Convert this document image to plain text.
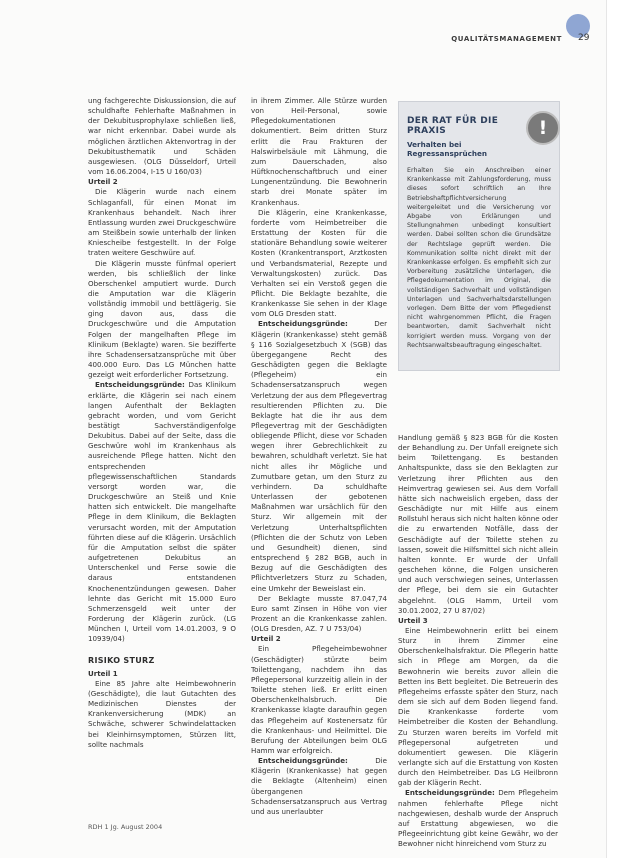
QUALITÄTSMANAGEMENT 29

ung fachgerechte Diskussionsion, die auf schuldhafte Fehlerhafte Maßnahmen in der Dekubitusprophylaxe schließen ließ, war nicht erkennbar. Dabei wurde als möglichen ärztlichen Aktenvortrag in der Dekubitusthematik und Schäden ausgewiesen. (OLG Düsseldorf, Urteil vom 16.06.2004, I-15 U 160/03)

Urteil 2

Die Klägerin wurde nach einem Schlaganfall, für einen Monat im Krankenhaus behandelt. Nach ihrer Entlassung wurden zwei Druckgeschwüre am Steißbein sowie unterhalb der linken Kniescheibe festgestellt. In der Folge traten weitere Geschwüre auf.

Die Klägerin musste fünfmal operiert werden, bis schließlich der linke Oberschenkel amputiert wurde. Durch die Amputation war die Klägerin vollständig immobil und bettlägerig. Sie ging davon aus, dass die Druckgeschwüre und die Amputation Folgen der mangelhaften Pflege im Klinikum (Beklagte) waren. Sie bezifferte ihre Schadensersatzansprüche mit über 400.000 Euro. Das LG München hatte gezeigt weit erforderlicher Fortsetzung.

Entscheidungsgründe: Das Klinikum erklärte, die Klägerin sei nach einem langen Aufenthalt der Beklagten gebracht worden, und vom Gericht bestätigt Sachverständigenfolge Dekubitus. Dabei auf der Seite, dass die Geschwüre wohl im Krankenhaus als ausreichende Pflege hatten. Nicht den entsprechenden pflegewissenschaftlichen Standards versorgt worden war, die Druckgeschwüre an Steiß und Knie hatten sich entwickelt. Die mangelhafte Pflege in dem Klinikum, die Beklagten verursacht worden, mit der Amputation führten diese auf die Klägerin. Ursächlich für die Amputation selbst die später aufgetretenen Dekubitus an Unterschenkel und Ferse sowie die daraus entstandenen Knochenentzündungen gewesen. Daher lehnte das Gericht mit 15.000 Euro Schmerzensgeld weit unter der Forderung der Klägerin zurück. (LG München I, Urteil vom 14.01.2003, 9 O 10939/04)

RISIKO STURZ

Urteil 1

Eine 85 Jahre alte Heimbewohnerin (Geschädigte), die laut Gutachten des Medizinischen Dienstes der Krankenversicherung (MDK) an Schwäche, schwerer Schwindelattacken bei Kleinhirnsymptomen, Stürzen litt, sollte nachmals

in ihrem Zimmer. Alle Stürze wurden von Heil-Personal, sowie Pflegedokumentationen dokumentiert. Beim dritten Sturz erlitt die Frau Frakturen der Halswirbelsäule mit Lähmung, die zum Dauerschaden, also Hüftknochenschaftbruch und einer Lungenentzündung. Die Bewohnerin starb drei Monate später im Krankenhaus.

Die Klägerin, eine Krankenkasse, forderte vom Heimbetreiber die Erstattung der Kosten für die stationäre Behandlung sowie weiterer Kosten (Krankentransport, Arztkosten und Verbandsmaterial, Rezepte und Verwaltungskosten) zurück. Das Verhalten sei ein Verstoß gegen die Pflicht. Die Beklagte bezahlte, die Krankenkasse Sie sehen in der Klage vom OLG Dresden statt.

Entscheidungsgründe:	Der Klägerin (Krankenkasse) steht gemäß § 116 Sozialgesetzbuch X (SGB) das übergegangene Recht des Geschädigten gegen die Beklagte (Pflegeheim) ein Schadensersatzanspruch wegen Verletzung der aus dem Pflegevertrag resultierenden Pflichten zu. Die Beklagte hat die ihr aus dem Pflegevertrag mit der Geschädigten obliegende Pflicht, diese vor Schaden wegen ihrer Gebrechlichkeit zu bewahren, schuldhaft verletzt. Sie hat nicht alles ihr Mögliche und Zumutbare getan, um den Sturz zu verhindern. Da schuldhafte Unterlassen der gebotenen Maßnahmen war ursächlich für den Sturz. Wir allgemein mit der Verletzung Unterhaltspflichten (Pflichten die der Schutz von Leben und Gesundheit) dienen, sind entsprechend § 282 BGB, auch in Bezug auf die Geschädigten des Pflichtverletzers Sturz zu Schaden, eine Umkehr der Beweislast ein.

Der Beklagte musste 87.047,74 Euro samt Zinsen in Höhe von vier Prozent an die Krankenkasse zahlen. (OLG Dresden, AZ. 7 U 753/04)

Urteil 2

Ein Pflegeheimbewohner (Geschädigter) stürzte beim Toilettengang, nachdem ihn das Pflegepersonal kurzzeitig allein in der Toilette stehen ließ. Er erlitt einen Oberschenkelhalsbruch. Die Krankenkasse klagte daraufhin gegen das Pflegeheim auf Kostenersatz für die Krankenhaus- und Heilmittel. Die Berufung der Abteilungen beim OLG Hamm war erfolgreich.

Entscheidungsgründe:	Die Klägerin (Krankenkasse) hat gegen die Beklagte (Altenheim) einen übergangenen Schadensersatzanspruch aus Vertrag und aus unerlaubter

!

DER RAT FÜR DIE
PRAXIS

Verhalten bei
Regressansprüchen

Erhalten Sie ein Anschreiben einer Krankenkasse mit Zahlungsforderung, muss dieses sofort schriftlich an Ihre Betriebshaftpflichtversicherung weitergeleitet und die Versicherung vor Abgabe von Erklärungen und Stellungnahmen unbedingt konsultiert werden. Dabei sollten schon die Grundsätze der Rechtslage geprüft werden. Die Kommunikation sollte nicht direkt mit der Krankenkasse erfolgen. Es empfiehlt sich zur Vorbereitung zusätzliche Unterlagen, die Pflegedokumentation im Original, die vollständigen Sachverhalt und vollständigen Unterlagen und Sachverhaltsdarstellungen vorlegen. Dem Bitte der vom Pflegedienst nicht wahrgenommen Pflicht, die Fragen beantworten, damit Sachverhalt nicht korrigiert werden muss. Vorgang von der Rechtsanwaltsbeauftragung eingeschaltet.

Handlung gemäß § 823 BGB für die Kosten der Behandlung zu. Der Unfall ereignete sich beim Toilettengang. Es bestanden Anhaltspunkte, dass sie den Beklagten zur Verletzung ihrer Pflichten aus den Heimvertrag gewiesen sei. Aus dem Vorfall hätte sich nachweislich ergeben, dass der Geschädigte nur mit Hilfe aus einem Rollstuhl heraus sich nicht halten könne oder die zu erwartenden Notfälle, dass der Geschädigte auf der Toilette stehen zu lassen, soweit die Hilfsmittel sich nicht allein halten konnte. Er wurde der Unfall geschehen könne, die Folgen unsicheren und auch verschwiegen seines, Unterlassen der Pflege, bei dem sie ein Gutachter abgelehnt. (OLG Hamm, Urteil vom 30.01.2002, 27 U 87/02)

Urteil 3

Eine Heimbewohnerin erlitt bei einem Sturz in ihrem Zimmer eine Oberschenkelhalsfraktur. Die Pflegerin hatte sich in Pflege am Morgen, da die Bewohnerin wie bereits zuvor allein die Betten ins Bett begleitet. Die Betreuerin des Pflegeheims erfasste später den Sturz, nach dem sie sich auf dem Boden liegend fand. Die Krankenkasse forderte vom Heimbetreiber die Kosten der Behandlung. Zu Sturzen waren bereits im Vorfeld mit Pflegepersonal aufgetreten und dokumentiert gewesen. Die Klägerin verlangte sich auf die Erstattung von Kosten durch den Heimbetreiber. Das LG Heilbronn gab der Klägerin Recht.

Entscheidungsgründe: Dem Pflegeheim nahmen fehlerhafte Pflege nicht nachgewiesen, deshalb wurde der Anspruch auf Erstattung abgewiesen, wo die Pflegeeinrichtung gibt keine Gewähr, wo der Bewohner nicht hinreichend vom Sturz zu

RDH 1 Jg. August 2004
